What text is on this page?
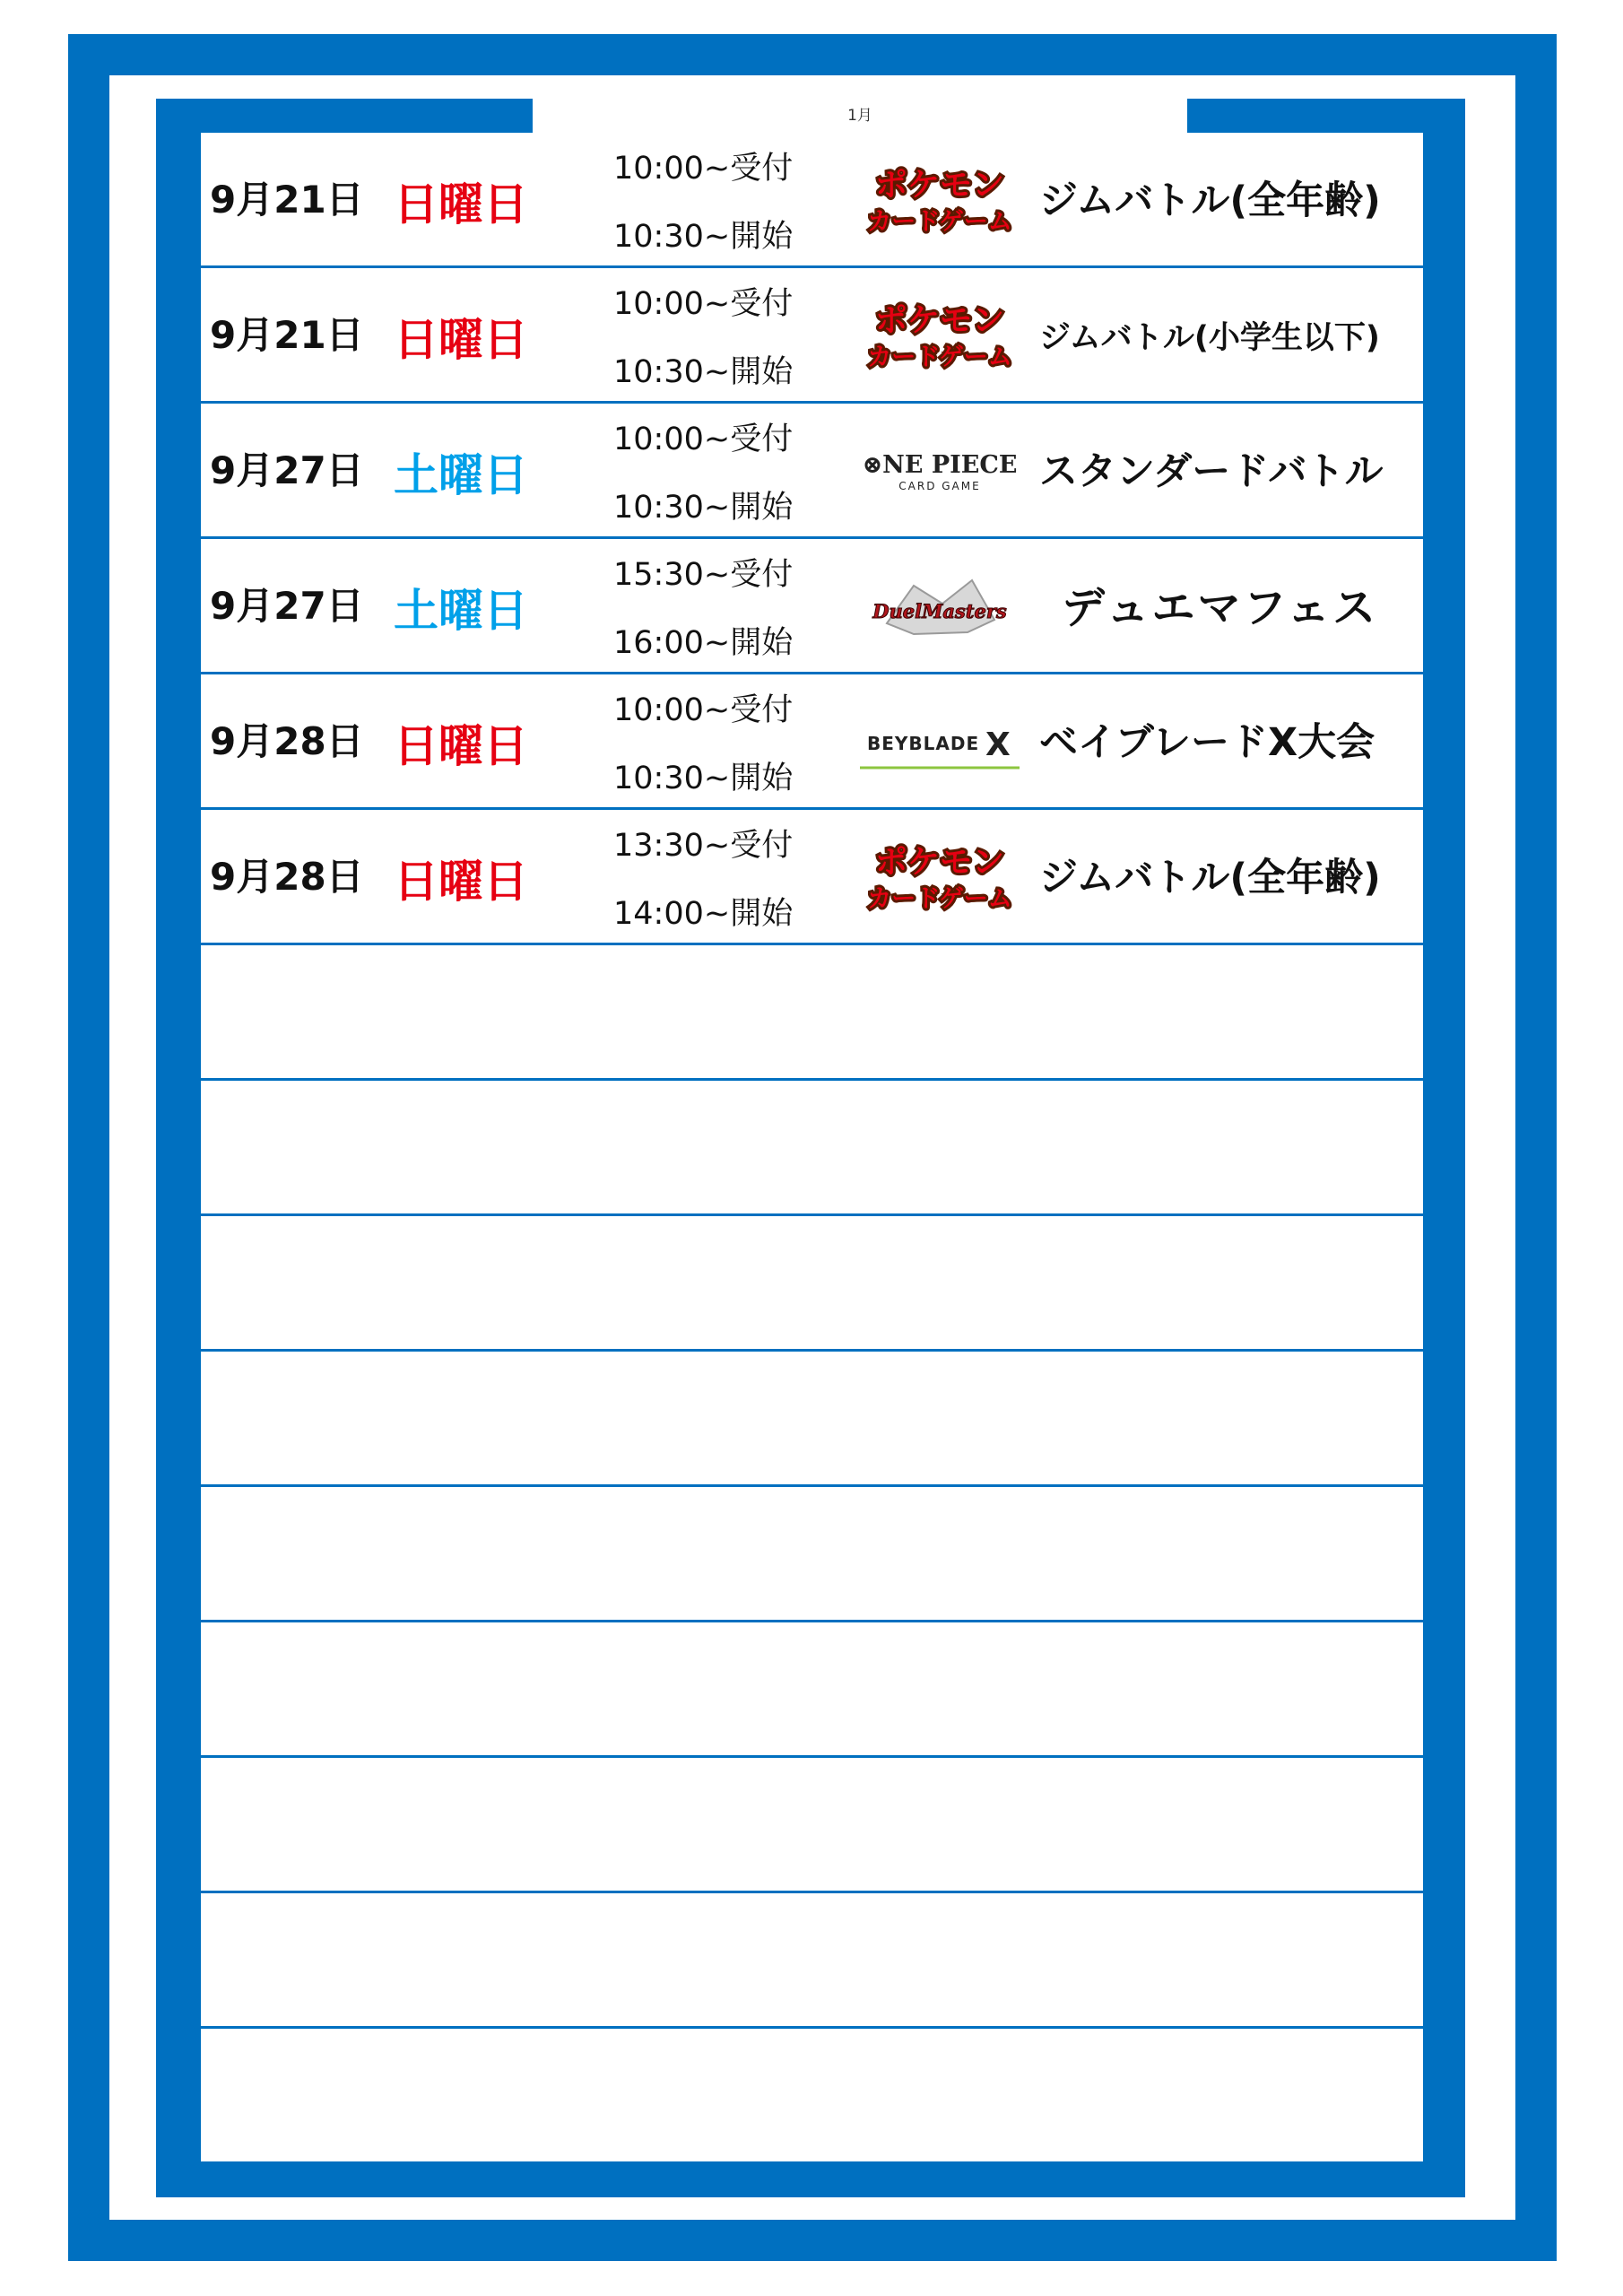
1月
9月21日 日曜日
10:00~受付
10:30~開始
ポケモン
カードゲーム ジムバトル(全年齢)
9月21日 日曜日
10:00~受付
10:30~開始
ポケモン
カードゲーム
ジムバトル(小学生以下)
9月27日 土曜日
10:00~受付
10:30~開始
⊗NE PIECE
CARD GAME スタンダードバトル
9月27日 土曜日
15:30~受付
16:00~開始
DuelMasters デュエマフェス
9月28日 日曜日
10:00~受付
10:30~開始
BEYBLADE X ベイブレードX大会
9月28日 日曜日
13:30~受付
14:00~開始
ポケモン
カードゲーム ジムバトル(全年齢)
